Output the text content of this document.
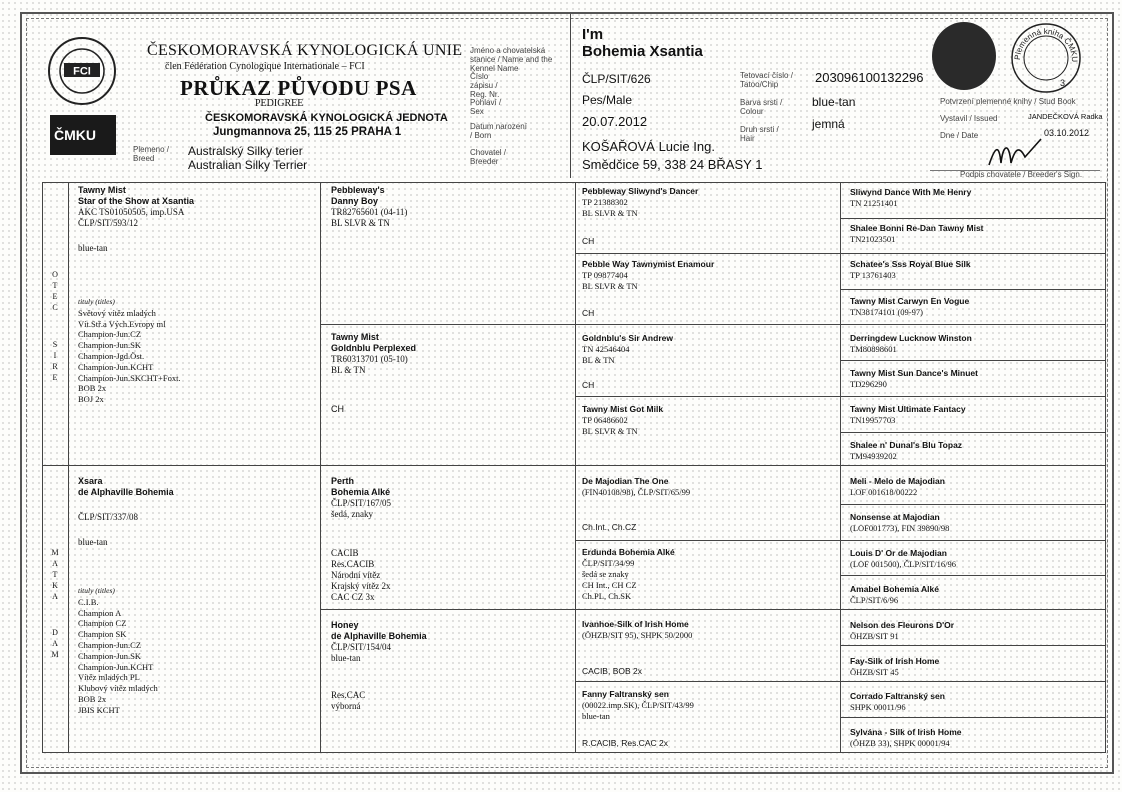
FCI
ČMKU
ČESKOMORAVSKÁ KYNOLOGICKÁ UNIE
člen Fédération Cynologique Internationale – FCI
PRŮKAZ PŮVODU PSA
PEDIGREE
ČESKOMORAVSKÁ KYNOLOGICKÁ JEDNOTA
Jungmannova 25, 115 25 PRAHA 1
Plemeno / Breed
Australský Silky terier
Australian Silky Terrier
Jméno a chovatelská stanice / Name and the Kennel Name
Číslo zápisu / Reg. Nr.
Pohlaví / Sex
Datum narození / Born
Chovatel / Breeder
I'm
Bohemia Xsantia
ČLP/SIT/626
Pes/Male
20.07.2012
KOŠAŘOVÁ Lucie Ing.
Smědčice 59, 338 24 BŘASY 1
Tetovací číslo / Tatoo/Chip
Barva srsti / Colour
Druh srsti / Hair
203096100132296
blue-tan
jemná
Plemenná kniha ČMKU
3
Potvrzení plemenné knihy / Stud Book
Vystavil / Issued	JANDEČKOVÁ Radka
Dne / Date	03.10.2012
Podpis chovatele / Breeder's Sign.
OTEC
SIRE
MATKA
DAM
Tawny Mist
Star of the Show at Xsantia
AKC TS01050505, imp.USA
ČLP/SIT/593/12
blue-tan
tituly (titles)
Světový vítěz mladých
Vít.Stř.a Vých.Evropy ml
Champion-Jun.CZ
Champion-Jun.SK
Champion-Jgd.Öst.
Champion-Jun.KCHT
Champion-Jun.SKCHT+Foxt.
BOB 2x
BOJ 2x
Xsara
de Alphaville Bohemia
ČLP/SIT/337/08
blue-tan
tituly (titles)
C.I.B.
Champion A
Champion CZ
Champion SK
Champion-Jun.CZ
Champion-Jun.SK
Champion-Jun.KCHT
Vítěz mladých PL
Klubový vítěz mladých
BOB 2x
JBIS KCHT
Pebbleway's
Danny Boy
TR82765601 (04-11)
BL SLVR & TN
Tawny Mist
Goldnblu Perplexed
TR60313701 (05-10)
BL & TN
CH
Perth
Bohemia Alké
ČLP/SIT/167/05
šedá, znaky
CACIB
Res.CACIB
Národní vítěz
Krajský vítěz 2x
CAC CZ 3x
Honey
de Alphaville Bohemia
ČLP/SIT/154/04
blue-tan
Res.CAC
výborná
Pebbleway Sliwynd's Dancer
TP 21388302
BL SLVR & TN
CH
Pebble Way Tawnymist Enamour
TP 09877404
BL SLVR & TN
CH
Goldnblu's Sir Andrew
TN 42546404
BL & TN
CH
Tawny Mist Got Milk
TP 06486602
BL SLVR & TN
De Majodian The One
(FIN40108/98), ČLP/SIT/65/99
Ch.Int., Ch.CZ
Erdunda Bohemia Alké
ČLP/SIT/34/99
šedá se znaky
CH Int., CH CZ
Ch.PL, Ch.SK
Ivanhoe-Silk of Irish Home
(ÖHZB/SIT 95), SHPK 50/2000
CACIB, BOB 2x
Fanny Faltranský sen
(00022.imp.SK), ČLP/SIT/43/99
blue-tan
R.CACIB, Res.CAC 2x
Sliwynd Dance With Me Henry
TN 21251401
Shalee Bonni Re-Dan Tawny Mist
TN21023501
Schatee's Sss Royal Blue Silk
TP 13761403
Tawny Mist Carwyn En Vogue
TN38174101 (09-97)
Derringdew Lucknow Winston
TM80898601
Tawny Mist Sun Dance's Minuet
TD296290
Tawny Mist Ultimate Fantacy
TN19957703
Shalee n' Dunal's Blu Topaz
TM94939202
Meli - Melo de Majodian
LOF 001618/00222
Nonsense at Majodian
(LOF001773), FIN 39890/98
Louis D' Or de Majodian
(LOF 001500), ČLP/SIT/16/96
Amabel Bohemia Alké
ČLP/SIT/6/96
Nelson des Fleurons D'Or
ÖHZB/SIT 91
Fay-Silk of Irish Home
ÖHZB/SIT 45
Corrado Faltranský sen
SHPK 00011/96
Sylvána - Silk of Irish Home
(ÖHZB 33), SHPK 00001/94
